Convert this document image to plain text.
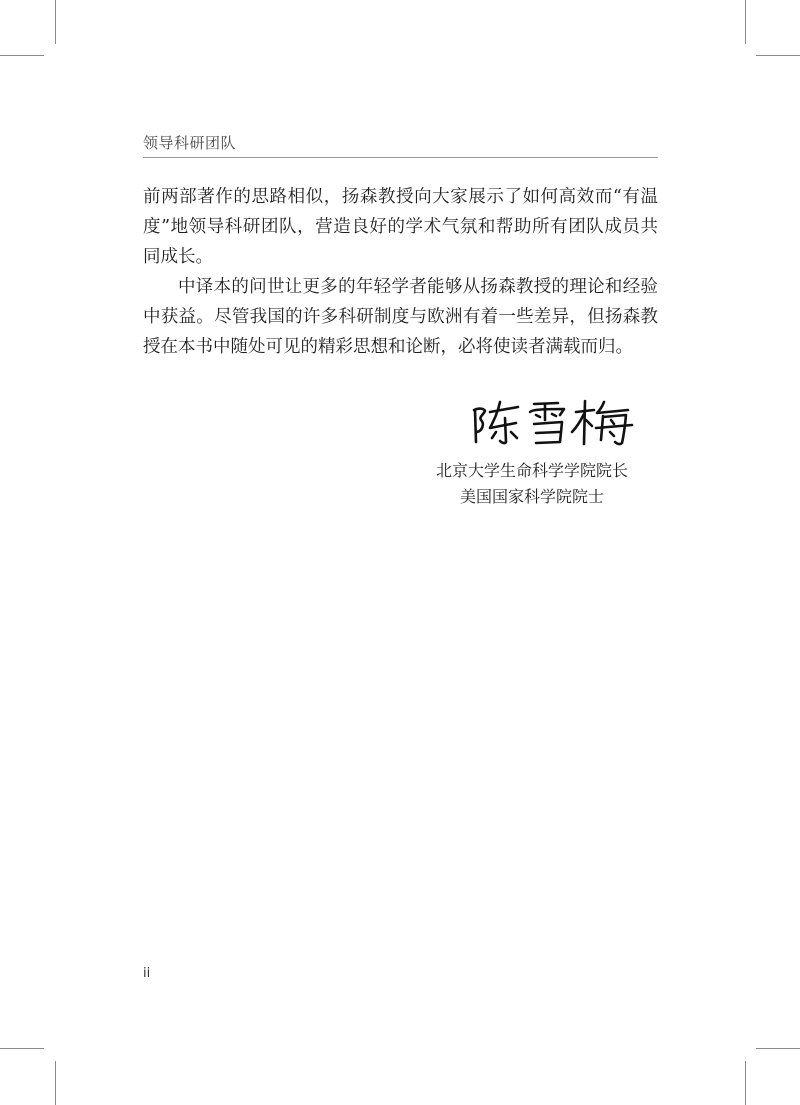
领导科研团队

前两部著作的思路相似，扬森教授向大家展示了如何高效而“有温度”地领导科研团队，营造良好的学术气氛和帮助所有团队成员共同成长。

中译本的问世让更多的年轻学者能够从扬森教授的理论和经验中获益。尽管我国的许多科研制度与欧洲有着一些差异，但扬森教授在本书中随处可见的精彩思想和论断，必将使读者满载而归。

北京大学生命科学学院院长
美国国家科学院院士
ii
